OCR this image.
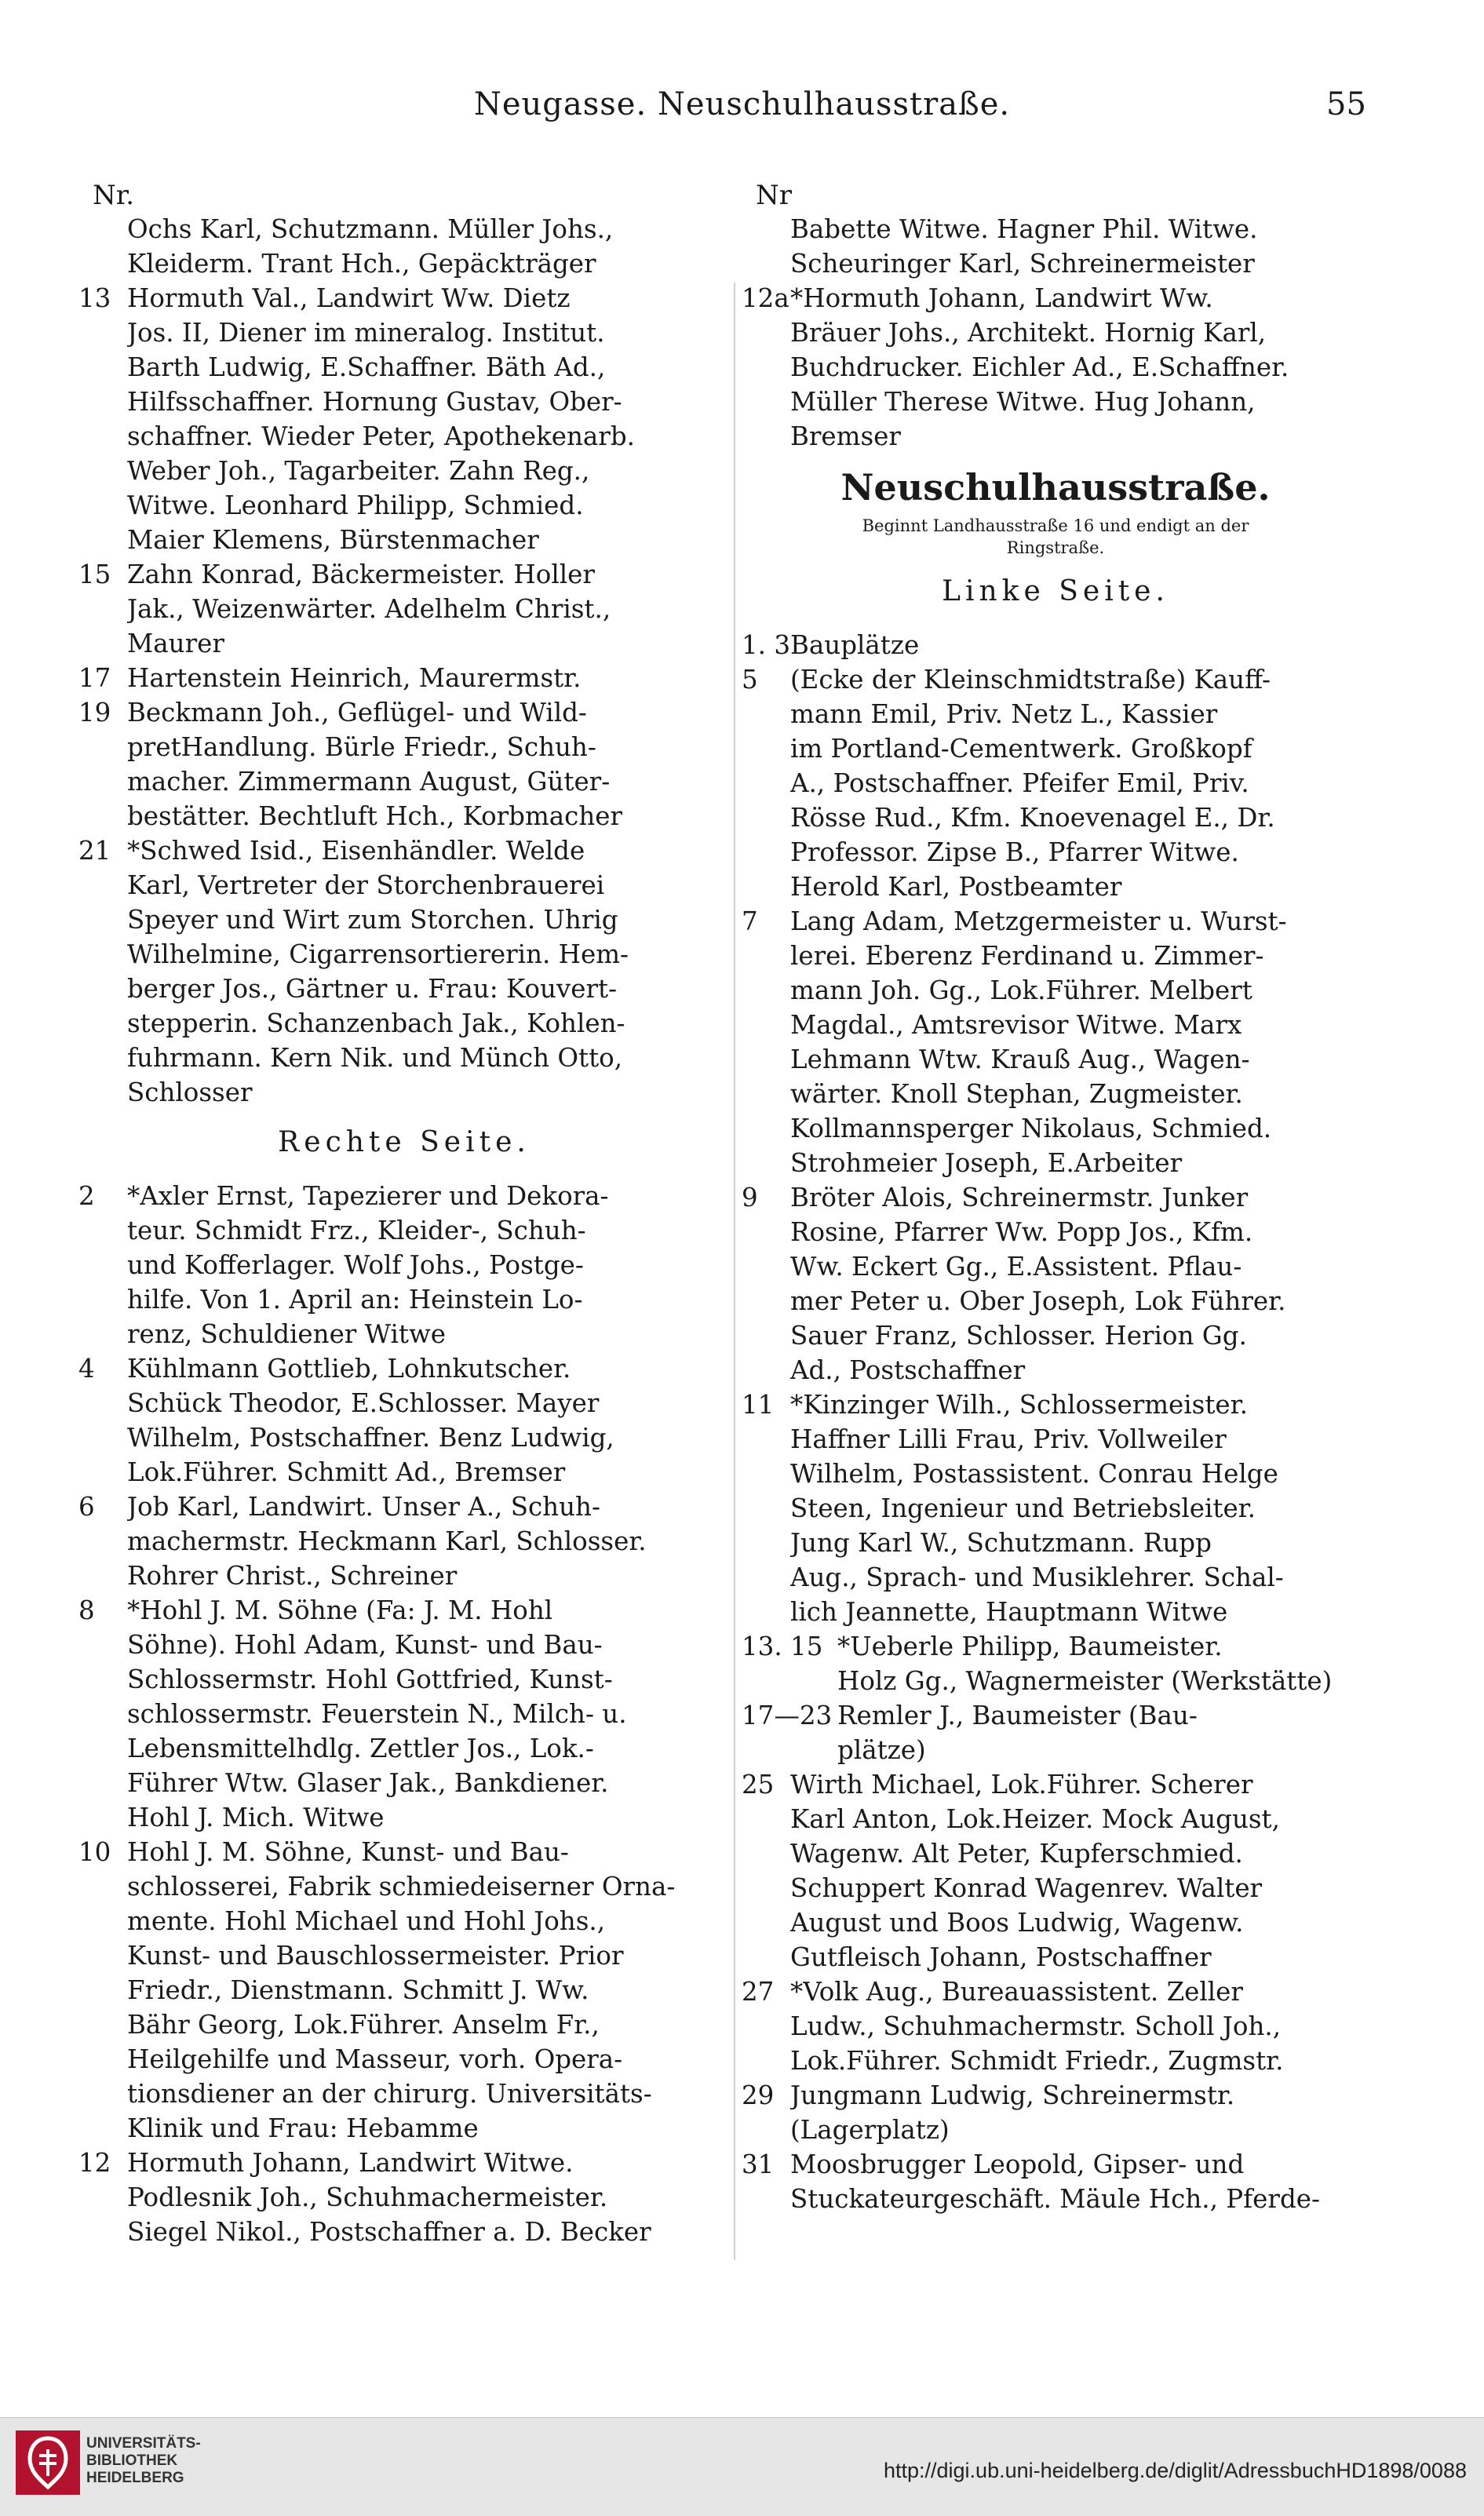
Neugasse. Neuschulhausstraße.	55
Nr.
Ochs Karl, Schutzmann. Müller Johs.,
Kleiderm. Trant Hch., Gepäckträger
13 Hormuth Val., Landwirt Ww. Dietz
Jos. II, Diener im mineralog. Institut.
Barth Ludwig, E.Schaffner. Bäth Ad.,
Hilfsschaffner. Hornung Gustav, Ober-
schaffner. Wieder Peter, Apothekenarb.
Weber Joh., Tagarbeiter. Zahn Reg.,
Witwe. Leonhard Philipp, Schmied.
Maier Klemens, Bürstenmacher
15 Zahn Konrad, Bäckermeister. Holler
Jak., Weizenwärter. Adelhelm Christ.,
Maurer
17 Hartenstein Heinrich, Maurermstr.
19 Beckmann Joh., Geflügel- und Wild-
pretHandlung. Bürle Friedr., Schuh-
macher. Zimmermann August, Güter-
bestätter. Bechtluft Hch., Korbmacher
21 *Schwed Isid., Eisenhändler. Welde
Karl, Vertreter der Storchenbrauerei
Speyer und Wirt zum Storchen. Uhrig
Wilhelmine, Cigarrensortiererin. Hem-
berger Jos., Gärtner u. Frau: Kouvert-
stepperin. Schanzenbach Jak., Kohlen-
fuhrmann. Kern Nik. und Münch Otto,
Schlosser
Rechte Seite.
2	*Axler Ernst, Tapezierer und Dekora-
teur. Schmidt Frz., Kleider-, Schuh-
und Kofferlager. Wolf Johs., Postge-
hilfe. Von 1. April an: Heinstein Lo-
renz, Schuldiener Witwe
4	Kühlmann Gottlieb, Lohnkutscher.
Schück Theodor, E.Schlosser. Mayer
Wilhelm, Postschaffner. Benz Ludwig,
Lok.Führer. Schmitt Ad., Bremser
6	Job Karl, Landwirt. Unser A., Schuh-
machermstr. Heckmann Karl, Schlosser.
Rohrer Christ., Schreiner
8	*Hohl J. M. Söhne (Fa: J. M. Hohl
Söhne). Hohl Adam, Kunst- und Bau-
Schlossermstr. Hohl Gottfried, Kunst-
schlossermstr. Feuerstein N., Milch- u.
Lebensmittelhdlg. Zettler Jos., Lok.-
Führer Wtw. Glaser Jak., Bankdiener.
Hohl J. Mich. Witwe
10 Hohl J. M. Söhne, Kunst- und Bau-
schlosserei, Fabrik schmiedeiserner Orna-
mente. Hohl Michael und Hohl Johs.,
Kunst- und Bauschlossermeister. Prior
Friedr., Dienstmann. Schmitt J. Ww.
Bähr Georg, Lok.Führer. Anselm Fr.,
Heilgehilfe und Masseur, vorh. Opera-
tionsdiener an der chirurg. Universitäts-
Klinik und Frau: Hebamme
12 Hormuth Johann, Landwirt Witwe.
Podlesnik Joh., Schuhmachermeister.
Siegel Nikol., Postschaffner a. D. Becker
Nr
Babette Witwe. Hagner Phil. Witwe.
Scheuringer Karl, Schreinermeister
12a *Hormuth Johann, Landwirt Ww.
Bräuer Johs., Architekt. Hornig Karl,
Buchdrucker. Eichler Ad., E.Schaffner.
Müller Therese Witwe. Hug Johann,
Bremser
Neuschulhausstraße.
Beginnt Landhausstraße 16 und endigt an der
Ringstraße.
Linke Seite.
1. 3 Bauplätze
5	(Ecke der Kleinschmidtstraße) Kauff-
mann Emil, Priv. Netz L., Kassier
im Portland-Cementwerk. Großkopf
A., Postschaffner. Pfeifer Emil, Priv.
Rösse Rud., Kfm. Knoevenagel E., Dr.
Professor. Zipse B., Pfarrer Witwe.
Herold Karl, Postbeamter
7	Lang Adam, Metzgermeister u. Wurst-
lerei. Eberenz Ferdinand u. Zimmer-
mann Joh. Gg., Lok.Führer. Melbert
Magdal., Amtsrevisor Witwe. Marx
Lehmann Wtw. Krauß Aug., Wagen-
wärter. Knoll Stephan, Zugmeister.
Kollmannsperger Nikolaus, Schmied.
Strohmeier Joseph, E.Arbeiter
9	Bröter Alois, Schreinermstr. Junker
Rosine, Pfarrer Ww. Popp Jos., Kfm.
Ww. Eckert Gg., E.Assistent. Pflau-
mer Peter u. Ober Joseph, Lok Führer.
Sauer Franz, Schlosser. Herion Gg.
Ad., Postschaffner
11 *Kinzinger Wilh., Schlossermeister.
Haffner Lilli Frau, Priv. Vollweiler
Wilhelm, Postassistent. Conrau Helge
Steen, Ingenieur und Betriebsleiter.
Jung Karl W., Schutzmann. Rupp
Aug., Sprach- und Musiklehrer. Schal-
lich Jeannette, Hauptmann Witwe
13. 15 *Ueberle Philipp, Baumeister.
Holz Gg., Wagnermeister (Werkstätte)
17—23 Remler J., Baumeister (Bau-
plätze)
25 Wirth Michael, Lok.Führer. Scherer
Karl Anton, Lok.Heizer. Mock August,
Wagenw. Alt Peter, Kupferschmied.
Schuppert Konrad Wagenrev. Walter
August und Boos Ludwig, Wagenw.
Gutfleisch Johann, Postschaffner
27 *Volk Aug., Bureauassistent. Zeller
Ludw., Schuhmachermstr. Scholl Joh.,
Lok.Führer. Schmidt Friedr., Zugmstr.
29 Jungmann Ludwig, Schreinermstr.
(Lagerplatz)
31 Moosbrugger Leopold, Gipser- und
Stuckateurgeschäft. Mäule Hch., Pferde-
UNIVERSITÄTS-
BIBLIOTHEK
HEIDELBERG	http://digi.ub.uni-heidelberg.de/diglit/AdressbuchHD1898/0088
